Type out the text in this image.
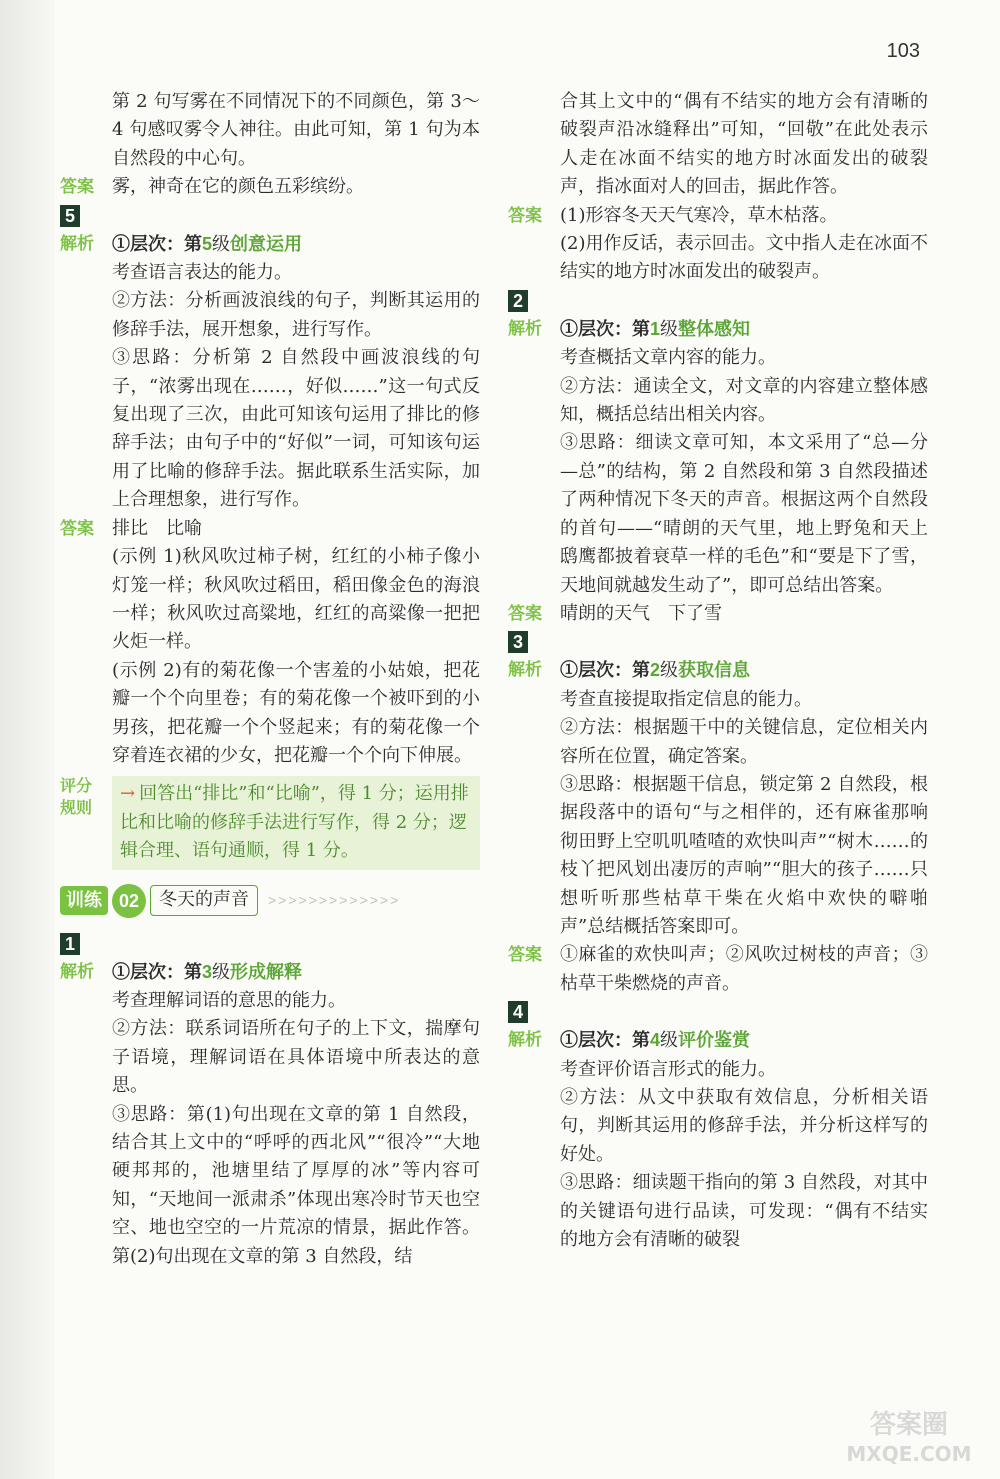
103

第 2 句写雾在不同情况下的不同颜色，第 3～4 句感叹雾令人神往。由此可知，第 1 句为本自然段的中心句。

答案	雾，神奇在它的颜色五彩缤纷。
5
解析	①层次：第5级创意运用

考查语言表达的能力。

②方法：分析画波浪线的句子，判断其运用的修辞手法，展开想象，进行写作。

③思路：分析第 2 自然段中画波浪线的句子，“浓雾出现在……，好似……”这一句式反复出现了三次，由此可知该句运用了排比的修辞手法；由句子中的“好似”一词，可知该句运用了比喻的修辞手法。据此联系生活实际，加上合理想象，进行写作。

答案	排比　比喻

(示例 1)秋风吹过柿子树，红红的小柿子像小灯笼一样；秋风吹过稻田，稻田像金色的海浪一样；秋风吹过高粱地，红红的高粱像一把把火炬一样。

(示例 2)有的菊花像一个害羞的小姑娘，把花瓣一个个向里卷；有的菊花像一个被吓到的小男孩，把花瓣一个个竖起来；有的菊花像一个穿着连衣裙的少女，把花瓣一个个向下伸展。

评分
规则
→ 回答出“排比”和“比喻”，得 1 分；运用排比和比喻的修辞手法进行写作，得 2 分；逻辑合理、语句通顺，得 1 分。
训练 02	冬天的声音	>>>>>>>>>>>>>
1
解析	①层次：第3级形成解释

考查理解词语的意思的能力。

②方法：联系词语所在句子的上下文，揣摩句子语境，理解词语在具体语境中所表达的意思。

③思路：第(1)句出现在文章的第 1 自然段，结合其上文中的“呼呼的西北风”“很冷”“大地硬邦邦的，池塘里结了厚厚的冰”等内容可知，“天地间一派肃杀”体现出寒冷时节天也空空、地也空空的一片荒凉的情景，据此作答。第(2)句出现在文章的第 3 自然段，结

合其上文中的“偶有不结实的地方会有清晰的破裂声沿冰缝释出”可知，“回敬”在此处表示人走在冰面不结实的地方时冰面发出的破裂声，指冰面对人的回击，据此作答。

答案	(1)形容冬天天气寒冷，草木枯落。

(2)用作反话，表示回击。文中指人走在冰面不结实的地方时冰面发出的破裂声。

2
解析	①层次：第1级整体感知

考查概括文章内容的能力。

②方法：通读全文，对文章的内容建立整体感知，概括总结出相关内容。

③思路：细读文章可知，本文采用了“总—分—总”的结构，第 2 自然段和第 3 自然段描述了两种情况下冬天的声音。根据这两个自然段的首句——“晴朗的天气里，地上野兔和天上鸱鹰都披着衰草一样的毛色”和“要是下了雪，天地间就越发生动了”，即可总结出答案。

答案	晴朗的天气　下了雪
3
解析	①层次：第2级获取信息

考查直接提取指定信息的能力。

②方法：根据题干中的关键信息，定位相关内容所在位置，确定答案。

③思路：根据题干信息，锁定第 2 自然段，根据段落中的语句“与之相伴的，还有麻雀那响彻田野上空叽叽喳喳的欢快叫声”“树木……的枝丫把风划出凄厉的声响”“胆大的孩子……只想听听那些枯草干柴在火焰中欢快的噼啪声”总结概括答案即可。

答案	①麻雀的欢快叫声；②风吹过树枝的声音；③枯草干柴燃烧的声音。
4
解析	①层次：第4级评价鉴赏

考查评价语言形式的能力。

②方法：从文中获取有效信息，分析相关语句，判断其运用的修辞手法，并分析这样写的好处。

③思路：细读题干指向的第 3 自然段，对其中的关键语句进行品读，可发现：“偶有不结实的地方会有清晰的破裂

答案圈
MXQE.COM
